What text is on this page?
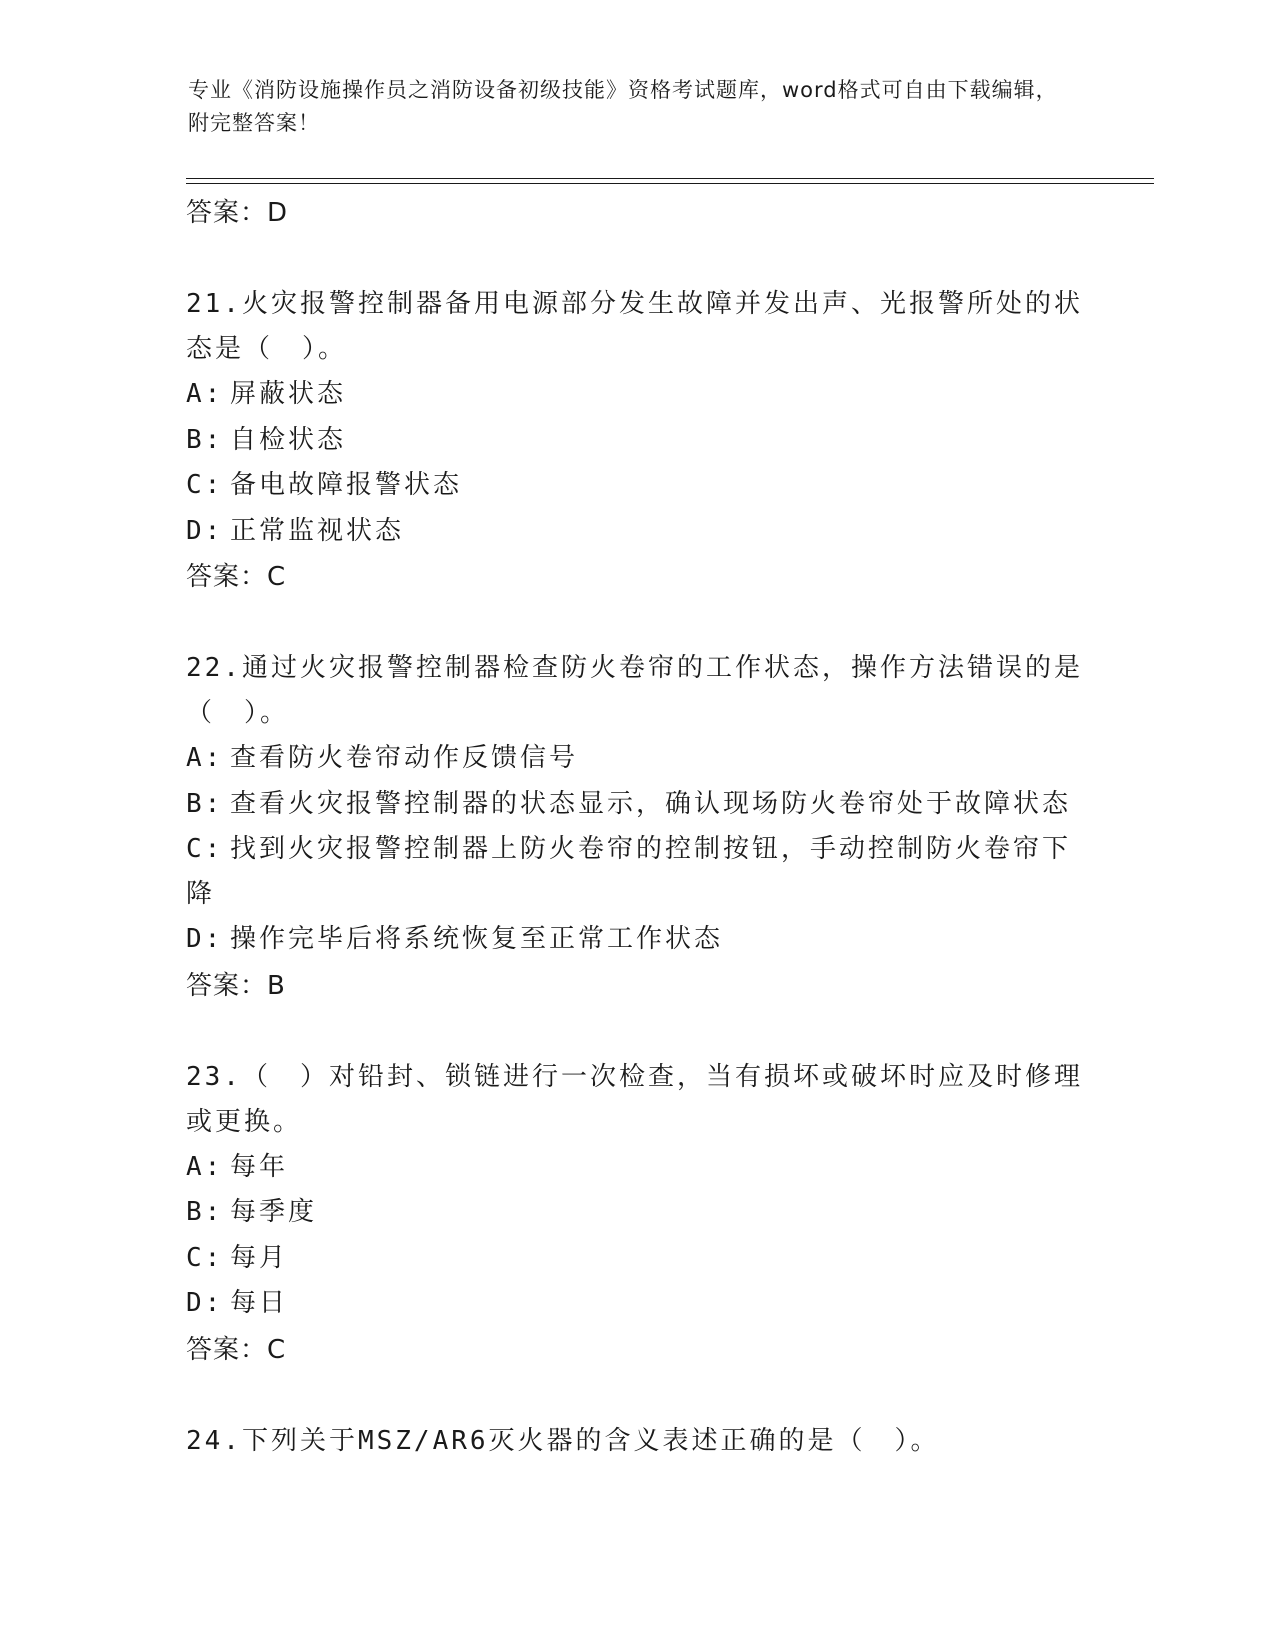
专业《消防设施操作员之消防设备初级技能》资格考试题库，word格式可自由下载编辑，附完整答案！
答案：D
21.火灾报警控制器备用电源部分发生故障并发出声、光报警所处的状态是（　）。
A: 屏蔽状态
B: 自检状态
C: 备电故障报警状态
D: 正常监视状态
答案：C
22.通过火灾报警控制器检查防火卷帘的工作状态，操作方法错误的是（　）。
A: 查看防火卷帘动作反馈信号
B: 查看火灾报警控制器的状态显示，确认现场防火卷帘处于故障状态
C: 找到火灾报警控制器上防火卷帘的控制按钮，手动控制防火卷帘下降
D: 操作完毕后将系统恢复至正常工作状态
答案：B
23.（　）对铅封、锁链进行一次检查，当有损坏或破坏时应及时修理或更换。
A: 每年
B: 每季度
C: 每月
D: 每日
答案：C
24.下列关于MSZ/AR6灭火器的含义表述正确的是（　）。
